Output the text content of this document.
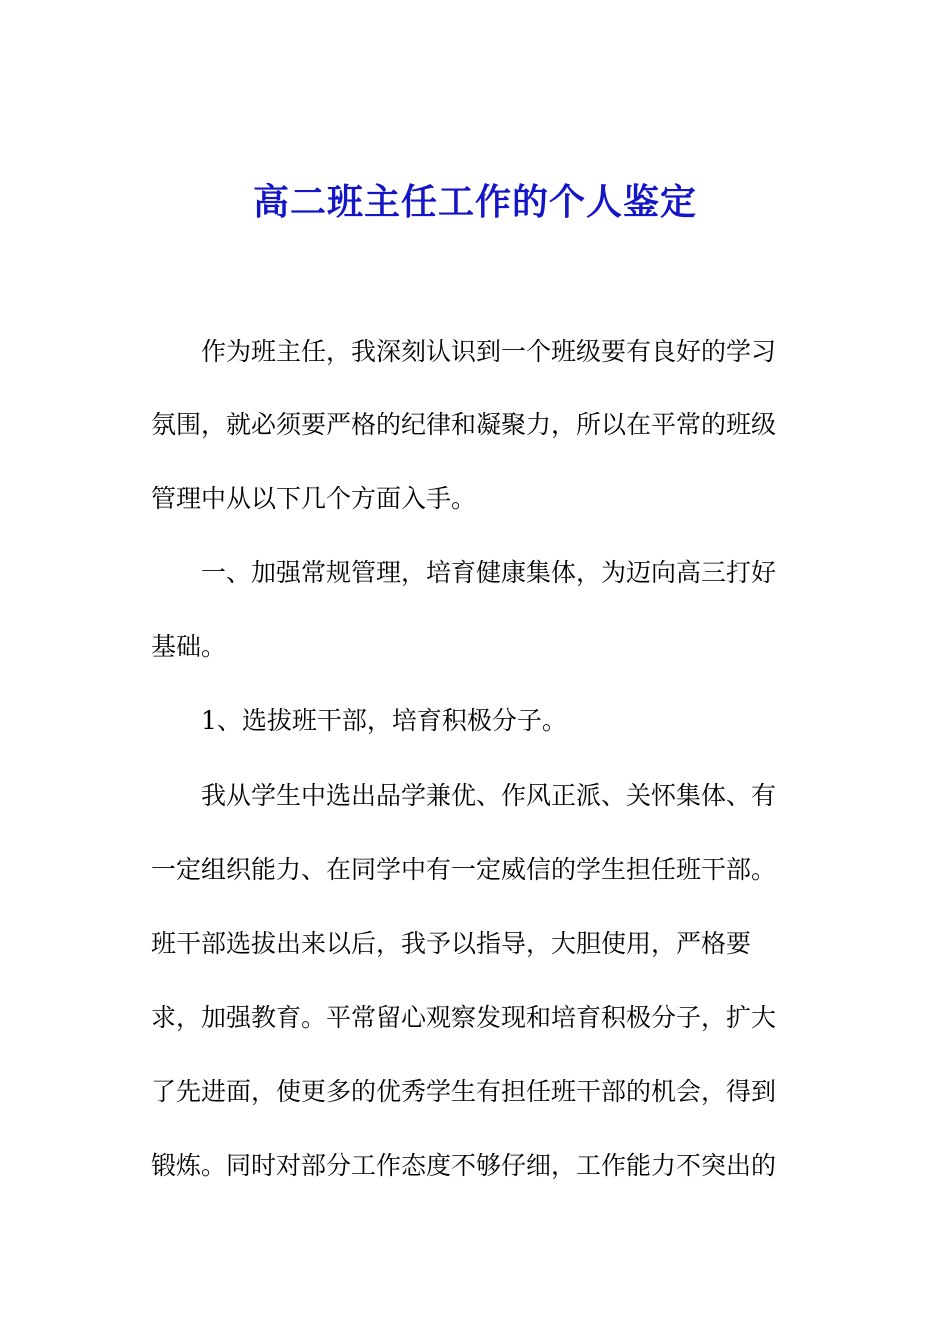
高二班主任工作的个人鉴定

作为班主任，我深刻认识到一个班级要有良好的学习

氛围，就必须要严格的纪律和凝聚力，所以在平常的班级

管理中从以下几个方面入手。

一、加强常规管理，培育健康集体，为迈向高三打好

基础。

1、选拔班干部，培育积极分子。

我从学生中选出品学兼优、作风正派、关怀集体、有

一定组织能力、在同学中有一定威信的学生担任班干部。

班干部选拔出来以后，我予以指导，大胆使用，严格要

求，加强教育。平常留心观察发现和培育积极分子，扩大

了先进面，使更多的优秀学生有担任班干部的机会，得到

锻炼。同时对部分工作态度不够仔细，工作能力不突出的
